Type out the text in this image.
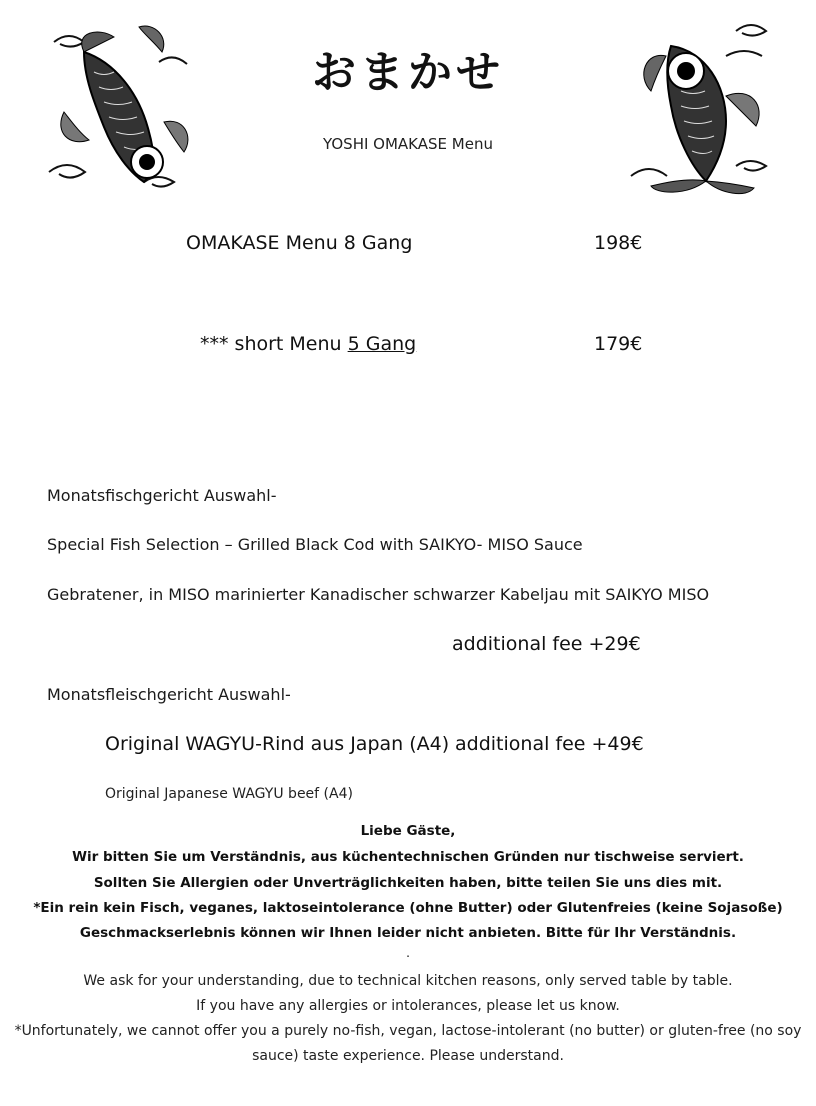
おまかせ
YOSHI OMAKASE Menu
OMAKASE Menu 8 Gang	198€
*** short Menu 5 Gang	179€
Monatsfischgericht Auswahl-
Special Fish Selection – Grilled Black Cod with SAIKYO- MISO Sauce
Gebratener, in MISO marinierter Kanadischer schwarzer Kabeljau mit SAIKYO MISO
additional fee +29€
Monatsfleischgericht Auswahl-
Original WAGYU-Rind aus Japan (A4) additional fee +49€
Original Japanese WAGYU beef (A4)
Liebe Gäste,
Wir bitten Sie um Verständnis, aus küchentechnischen Gründen nur tischweise serviert.
Sollten Sie Allergien oder Unverträglichkeiten haben, bitte teilen Sie uns dies mit.
*Ein rein kein Fisch, veganes, laktoseintolerance (ohne Butter) oder Glutenfreies (keine Sojasoße)
Geschmackserlebnis können wir Ihnen leider nicht anbieten. Bitte für Ihr Verständnis.
.
We ask for your understanding, due to technical kitchen reasons, only served table by table.
If you have any allergies or intolerances, please let us know.
*Unfortunately, we cannot offer you a purely no-fish, vegan, lactose-intolerant (no butter) or gluten-free (no soy
sauce) taste experience. Please understand.
